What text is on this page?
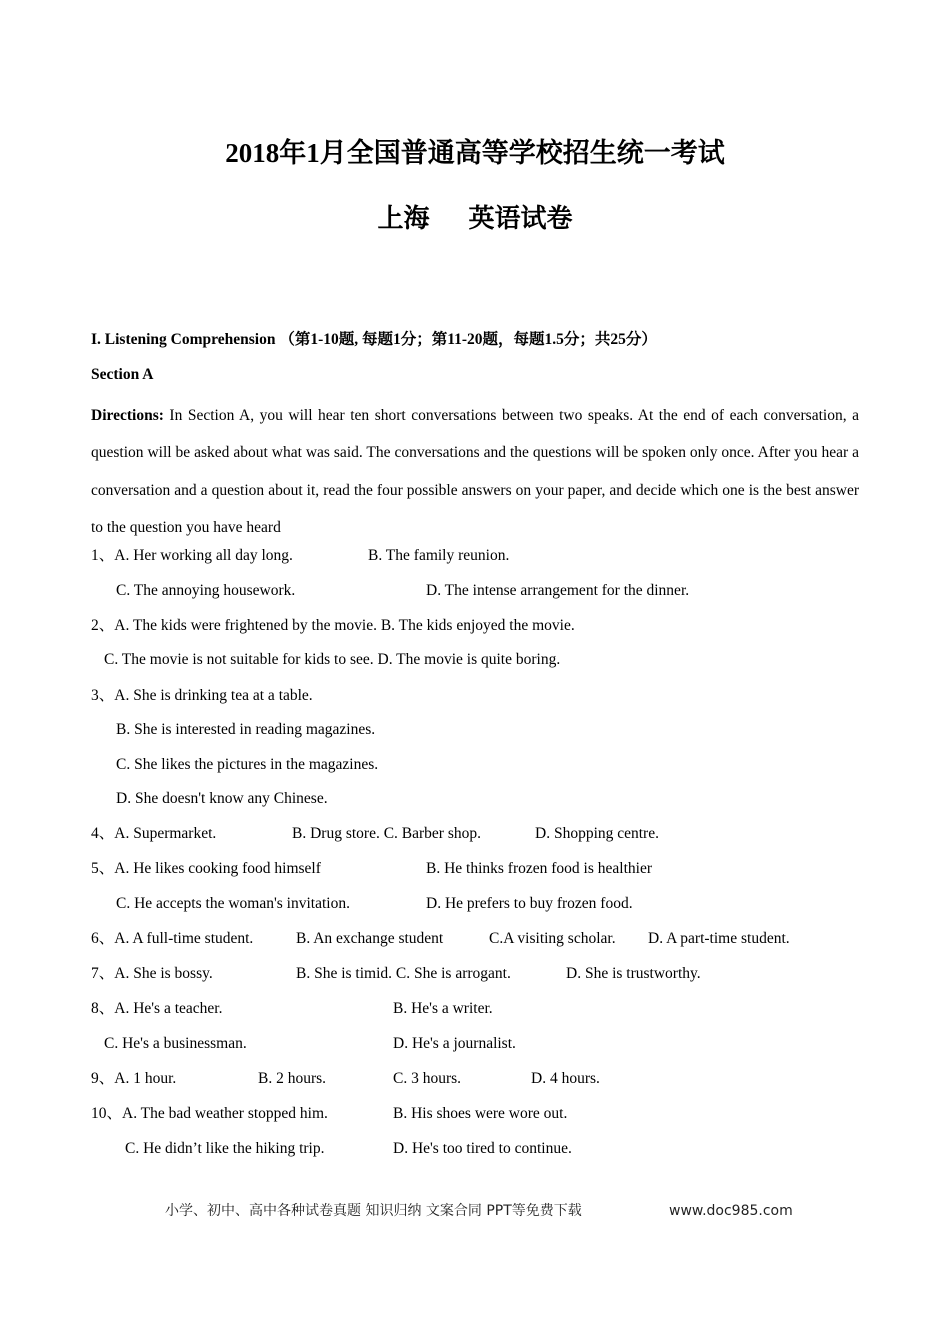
2018年1月全国普通高等学校招生统一考试
上海      英语试卷
I. Listening Comprehension （第1-10题, 每题1分；第11-20题，每题1.5分；共25分）
Section A
Directions: In Section A, you will hear ten short conversations between two speaks. At the end of each conversation, a question will be asked about what was said. The conversations and the questions will be spoken only once. After you hear a conversation and a question about it, read the four possible answers on your paper, and decide which one is the best answer to the question you have heard
1、A. Her working all day long.	B. The family reunion.
C. The annoying housework.	D. The intense arrangement for the dinner.
2、A. The kids were frightened by the movie. B. The kids enjoyed the movie.
C. The movie is not suitable for kids to see. D. The movie is quite boring.
3、A. She is drinking tea at a table.
B. She is interested in reading magazines.
C. She likes the pictures in the magazines.
D. She doesn't know any Chinese.
4、A. Supermarket.	B. Drug store. C. Barber shop.	D. Shopping centre.
5、A. He likes cooking food himself	B. He thinks frozen food is healthier
C. He accepts the woman's invitation.	D. He prefers to buy frozen food.
6、A. A full-time student.	B. An exchange student	C.A visiting scholar. D. A part-time student.
7、A. She is bossy.	B. She is timid. C. She is arrogant.	D. She is trustworthy.
8、A. He's a teacher.	B. He's a writer.
C. He's a businessman.	D. He's a journalist.
9、A. 1 hour.	B. 2 hours.	C. 3 hours.	D. 4 hours.
10、A. The bad weather stopped him.	B. His shoes were wore out.
C. He didn’t like the hiking trip.	D. He's too tired to continue.
小学、初中、高中各种试卷真题 知识归纳 文案合同 PPT等免费下载	www.doc985.com
